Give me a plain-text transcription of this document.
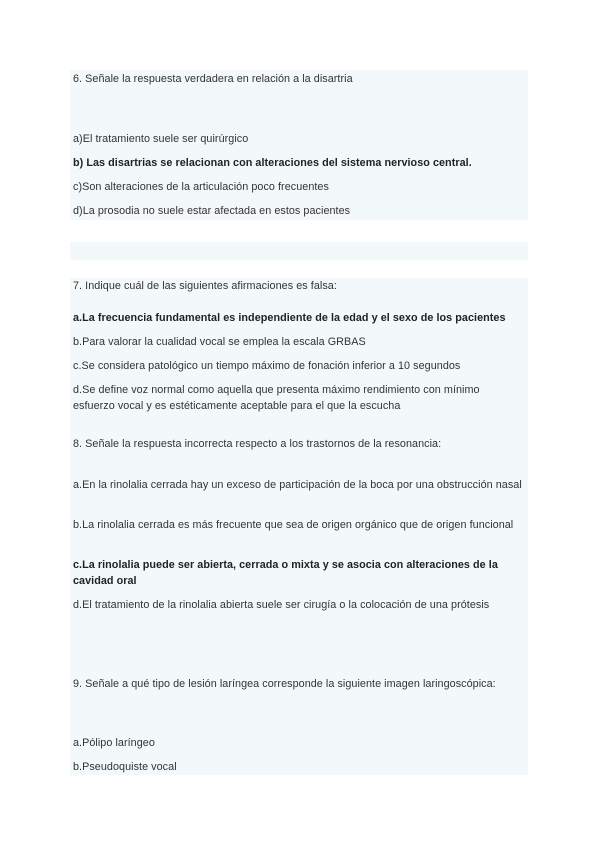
6. Señale la respuesta verdadera en relación a la disartria
a)El tratamiento suele ser quirúrgico
b) Las disartrias se relacionan con alteraciones del sistema nervioso central.
c)Son alteraciones de la articulación poco frecuentes
d)La prosodia no suele estar afectada en estos pacientes
7. Indique cuál de las siguientes afirmaciones es falsa:
a.La frecuencia fundamental es independiente de la edad y el sexo de los pacientes
b.Para valorar la cualidad vocal se emplea la escala GRBAS
c.Se considera patológico un tiempo máximo de fonación inferior a 10 segundos
d.Se define voz normal como aquella que presenta máximo rendimiento con mínimo esfuerzo vocal y es estéticamente aceptable para el que la escucha
8. Señale la respuesta incorrecta respecto a los trastornos de la resonancia:
a.En la rinolalia cerrada hay un exceso de participación de la boca por una obstrucción nasal
b.La rinolalia cerrada es más frecuente que sea de origen orgánico que de origen funcional
c.La rinolalia puede ser abierta, cerrada o mixta y se asocia con alteraciones de la cavidad oral
d.El tratamiento de la rinolalia abierta suele ser cirugía o la colocación de una prótesis
9. Señale a qué tipo de lesión laríngea corresponde la siguiente imagen laringoscópica:
a.Pólipo laríngeo
b.Pseudoquiste vocal
